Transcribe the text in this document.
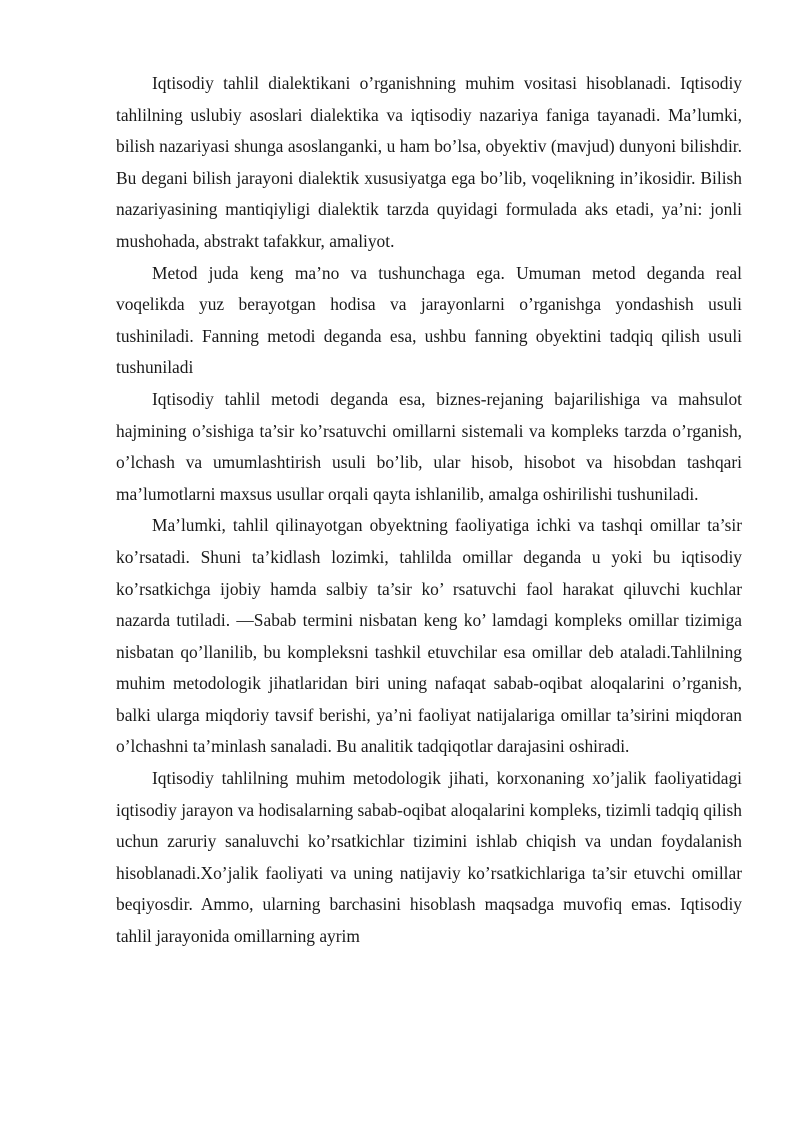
Iqtisodiy tahlil dialektikani o’rganishning muhim vositasi hisoblanadi. Iqtisodiy tahlilning uslubiy asoslari dialektika va iqtisodiy nazariya faniga tayanadi. Ma’lumki, bilish nazariyasi shunga asoslanganki, u ham bo’lsa, obyektiv (mavjud) dunyoni bilishdir. Bu degani bilish jarayoni dialektik xususiyatga ega bo’lib, voqelikning in’ikosidir. Bilish nazariyasining mantiqiyligi dialektik tarzda quyidagi formulada aks etadi, ya’ni: jonli mushohada, abstrakt tafakkur, amaliyot.

Metod juda keng ma’no va tushunchaga ega. Umuman metod deganda real voqelikda yuz berayotgan hodisa va jarayonlarni o’rganishga yondashish usuli tushiniladi. Fanning metodi deganda esa, ushbu fanning obyektini tadqiq qilish usuli tushuniladi

Iqtisodiy tahlil metodi deganda esa, biznes-rejaning bajarilishiga va mahsulot hajmining o’sishiga ta’sir ko’rsatuvchi omillarni sistemali va kompleks tarzda o’rganish, o’lchash va umumlashtirish usuli bo’lib, ular hisob, hisobot va hisobdan tashqari ma’lumotlarni maxsus usullar orqali qayta ishlanilib, amalga oshirilishi tushuniladi.

Ma’lumki, tahlil qilinayotgan obyektning faoliyatiga ichki va tashqi omillar ta’sir ko’rsatadi. Shuni ta’kidlash lozimki, tahlilda omillar deganda u yoki bu iqtisodiy ko’rsatkichga ijobiy hamda salbiy ta’sir ko’ rsatuvchi faol harakat qiluvchi kuchlar nazarda tutiladi. ―Sabab termini nisbatan keng ko’ lamdagi kompleks omillar tizimiga nisbatan qo’llanilib, bu kompleksni tashkil etuvchilar esa omillar deb ataladi.Tahlilning muhim metodologik jihatlaridan biri uning nafaqat sabab-oqibat aloqalarini o’rganish, balki ularga miqdoriy tavsif berishi, ya’ni faoliyat natijalariga omillar ta’sirini miqdoran o’lchashni ta’minlash sanaladi. Bu analitik tadqiqotlar darajasini oshiradi.

Iqtisodiy tahlilning muhim metodologik jihati, korxonaning xo’jalik faoliyatidagi iqtisodiy jarayon va hodisalarning sabab-oqibat aloqalarini kompleks, tizimli tadqiq qilish uchun zaruriy sanaluvchi ko’rsatkichlar tizimini ishlab chiqish va undan foydalanish hisoblanadi.Xo’jalik faoliyati va uning natijaviy ko’rsatkichlariga ta’sir etuvchi omillar beqiyosdir. Ammo, ularning barchasini hisoblash maqsadga muvofiq emas. Iqtisodiy tahlil jarayonida omillarning ayrim
